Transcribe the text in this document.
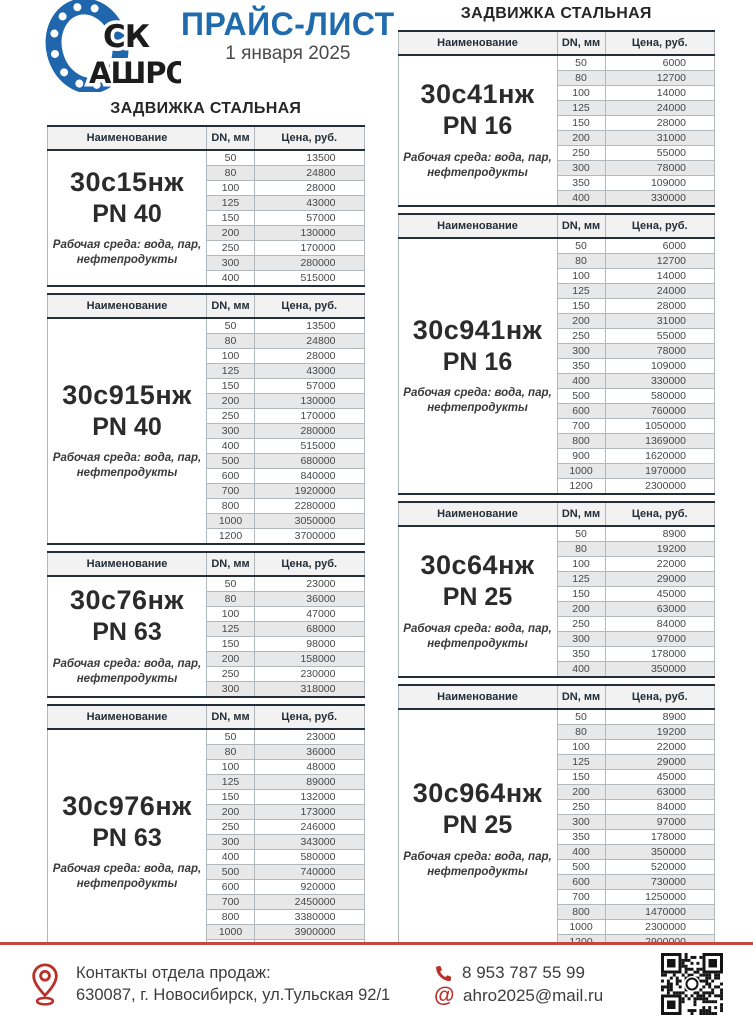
СК
АШРО
ПРАЙС-ЛИСТ
1 января 2025
ЗАДВИЖКА СТАЛЬНАЯ
Наименование	DN, мм	Цена, руб.

30с15нж
PN 40
Рабочая среда: вода, пар, нефтепродукты	50	13500
	80	24800
	100	28000
	125	43000
	150	57000
	200	130000
	250	170000
	300	280000
	400	515000
Наименование	DN, мм	Цена, руб.

30с915нж
PN 40
Рабочая среда: вода, пар, нефтепродукты	50	13500
	80	24800
	100	28000
	125	43000
	150	57000
	200	130000
	250	170000
	300	280000
	400	515000
	500	680000
	600	840000
	700	1920000
	800	2280000
	1000	3050000
	1200	3700000
Наименование	DN, мм	Цена, руб.

30с76нж
PN 63
Рабочая среда: вода, пар, нефтепродукты	50	23000
	80	36000
	100	47000
	125	68000
	150	98000
	200	158000
	250	230000
	300	318000
Наименование	DN, мм	Цена, руб.

30с976нж
PN 63
Рабочая среда: вода, пар, нефтепродукты	50	23000
	80	36000
	100	48000
	125	89000
	150	132000
	200	173000
	250	246000
	300	343000
	400	580000
	500	740000
	600	920000
	700	2450000
	800	3380000
	1000	3900000

ЗАДВИЖКА СТАЛЬНАЯ
Наименование	DN, мм	Цена, руб.

30с41нж
PN 16
Рабочая среда: вода, пар, нефтепродукты	50	6000
	80	12700
	100	14000
	125	24000
	150	28000
	200	31000
	250	55000
	300	78000
	350	109000
	400	330000
Наименование	DN, мм	Цена, руб.

30с941нж
PN 16
Рабочая среда: вода, пар, нефтепродукты	50	6000
	80	12700
	100	14000
	125	24000
	150	28000
	200	31000
	250	55000
	300	78000
	350	109000
	400	330000
	500	580000
	600	760000
	700	1050000
	800	1369000
	900	1620000
	1000	1970000
	1200	2300000
Наименование	DN, мм	Цена, руб.

30с64нж
PN 25
Рабочая среда: вода, пар, нефтепродукты	50	8900
	80	19200
	100	22000
	125	29000
	150	45000
	200	63000
	250	84000
	300	97000
	350	178000
	400	350000
Наименование	DN, мм	Цена, руб.

30с964нж
PN 25
Рабочая среда: вода, пар, нефтепродукты	50	8900
	80	19200
	100	22000
	125	29000
	150	45000
	200	63000
	250	84000
	300	97000
	350	178000
	400	350000
	500	520000
	600	730000
	700	1250000
	800	1470000
	1000	2300000

Контакты отдела продаж:
630087, г. Новосибирск, ул.Тульская 92/1
8 953 787 55 99
@ ahro2025@mail.ru
